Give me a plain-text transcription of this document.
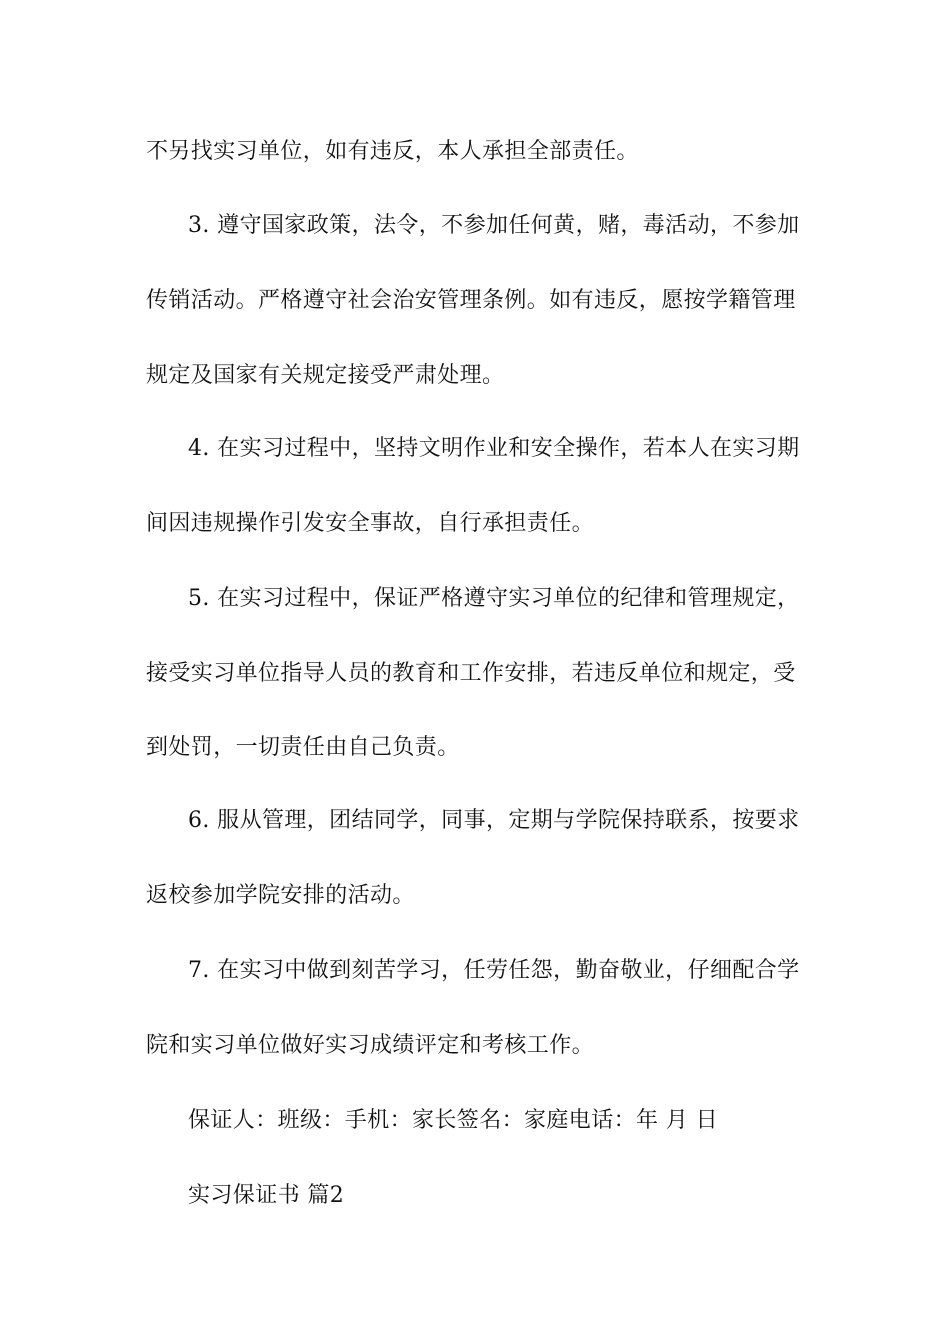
不另找实习单位，如有违反，本人承担全部责任。
3. 遵守国家政策，法令，不参加任何黄，赌，毒活动，不参加
传销活动。严格遵守社会治安管理条例。如有违反，愿按学籍管理
规定及国家有关规定接受严肃处理。
4. 在实习过程中，坚持文明作业和安全操作，若本人在实习期
间因违规操作引发安全事故，自行承担责任。
5. 在实习过程中，保证严格遵守实习单位的纪律和管理规定，
接受实习单位指导人员的教育和工作安排，若违反单位和规定，受
到处罚，一切责任由自己负责。
6. 服从管理，团结同学，同事，定期与学院保持联系，按要求
返校参加学院安排的活动。
7. 在实习中做到刻苦学习，任劳任怨，勤奋敬业，仔细配合学
院和实习单位做好实习成绩评定和考核工作。
保证人：班级：手机：家长签名：家庭电话：年 月 日
实习保证书 篇2
